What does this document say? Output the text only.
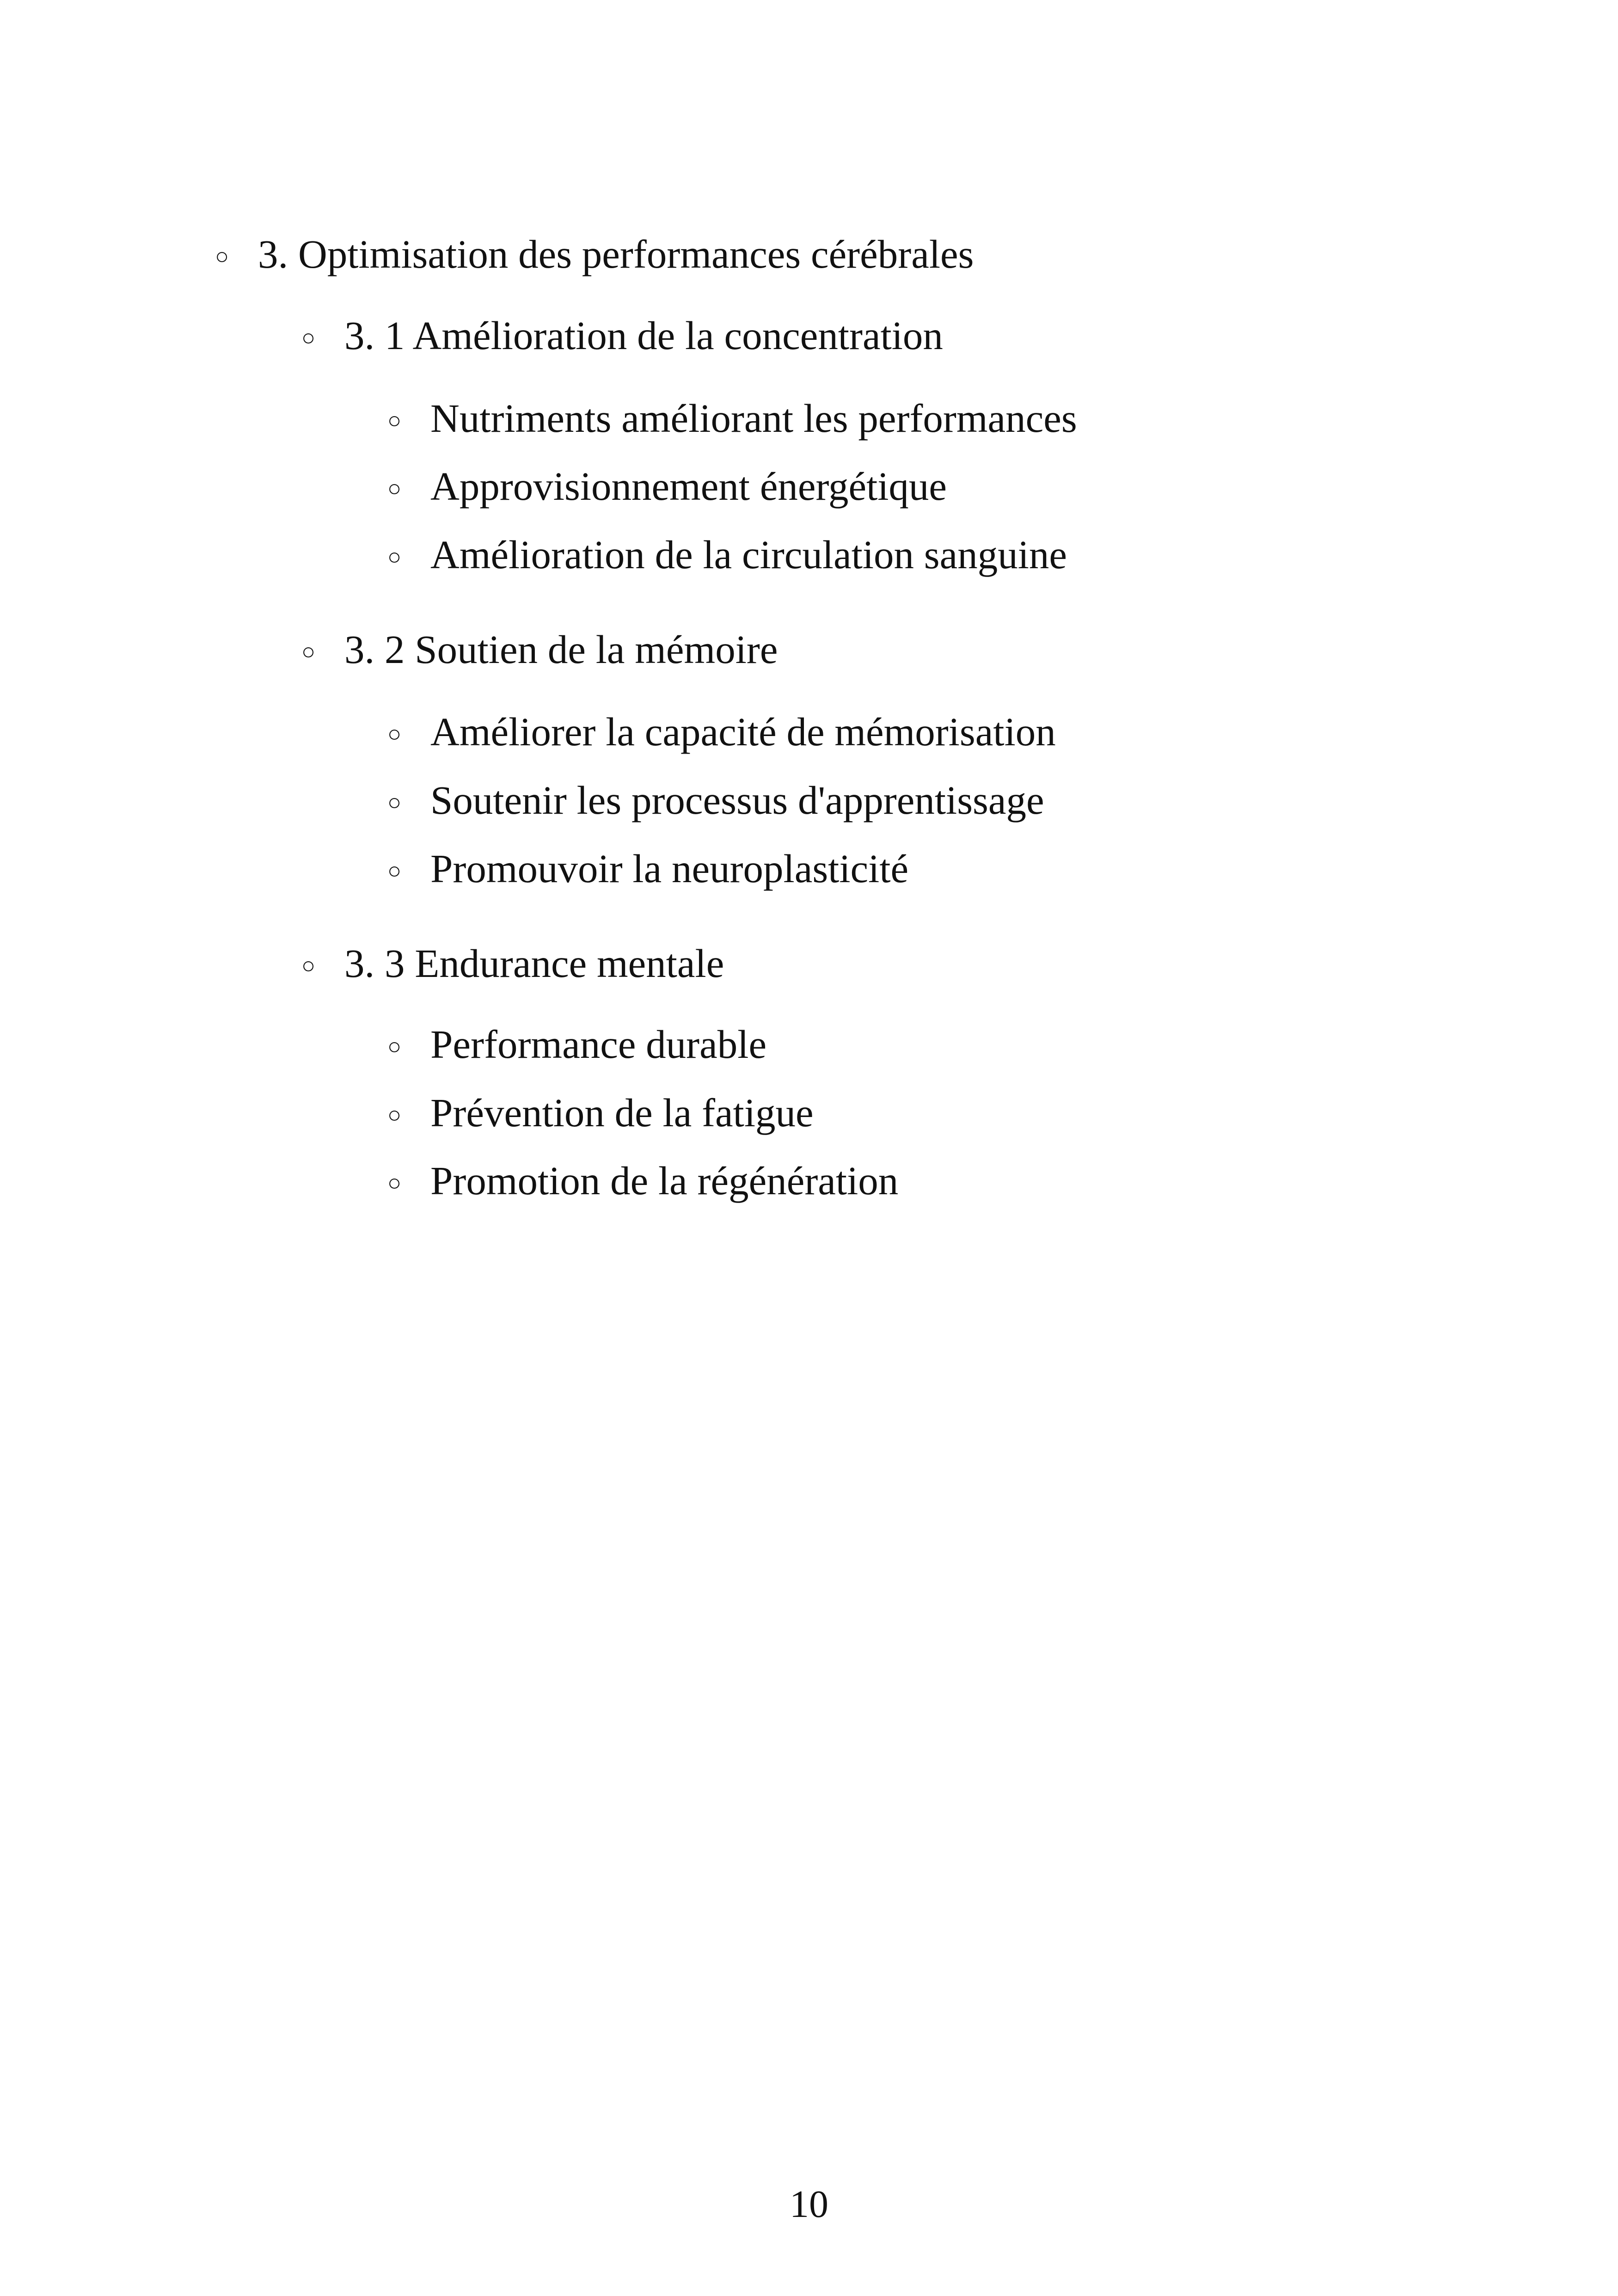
○ 3. Optimisation des performances cérébrales
○ 3. 1 Amélioration de la concentration
○ Nutriments améliorant les performances
○ Approvisionnement énergétique
○ Amélioration de la circulation sanguine
○ 3. 2 Soutien de la mémoire
○ Améliorer la capacité de mémorisation
○ Soutenir les processus d'apprentissage
○ Promouvoir la neuroplasticité
○ 3. 3 Endurance mentale
○ Performance durable
○ Prévention de la fatigue
○ Promotion de la régénération
10
